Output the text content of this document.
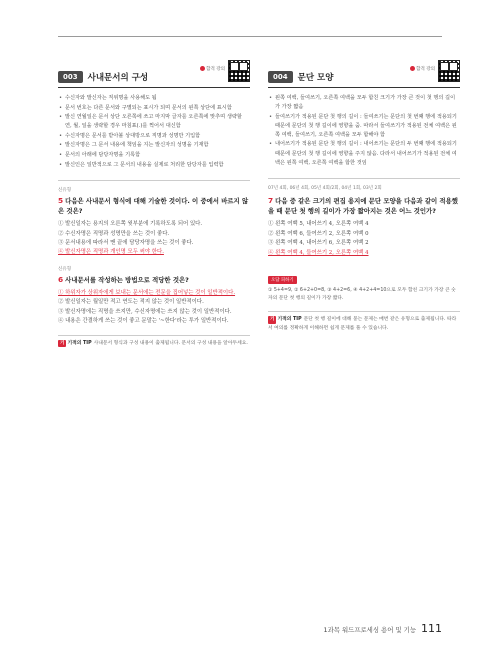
003	사내문서의 구성
합격 강의
• 수신자와 발신자는 직위명을 사용해도 됨
• 문서 번호는 다른 문서와 구별되는 표시가 되며 문서의 왼쪽 상단에 표시함
• 발신 연월일은 문서 상단 오른쪽에 쓰고 마지막 글자를 오른쪽에 맞추며 생략할 연, 월, 일을 생략할 경우 마침표(.)를 찍어서 대신함
• 수신자명은 문서를 받아볼 상대방으로 직명과 성명만 기입함
• 발신자명은 그 문서 내용에 책임을 지는 발신자의 성명을 기재함
• 문서의 아래에 담당자명을 기록함
• 발신인은 일반적으로 그 문서의 내용을 실제로 처리한 담당자를 입력함
신유형
5 다음은 사내문서 형식에 대해 기술한 것이다. 이 중에서 바르지 않은 것은?
① 발신일자는 용지의 오른쪽 윗부분에 기록하도록 되어 있다.
② 수신자명은 직명과 성명만을 쓰는 것이 좋다.
③ 문서내용에 따라서 맨 끝에 담당자명을 쓰는 것이 좋다.
④ 발신자명은 직명과 개인명 모두 써야 한다.
신유형
6 사내문서를 작성하는 방법으로 적당한 것은?
① 하위자가 상위자에게 보내는 문서에는 전문을 집어넣는 것이 일반적이다.
② 발신일자는 월일만 적고 연도는 적지 않는 것이 일반적이다.
③ 발신자명에는 직명을 쓰지만, 수신자명에는 쓰지 않는 것이 일반적이다.
④ 내용은 간결하게 쓰는 것이 좋고 문말는 '~한다'라는 투가 일반적이다.
기 기적의 TIP 사내문서 형식과 구성 내용이 출제됩니다. 문서의 구성 내용을 알아두세요.
004	문단 모양
합격 강의
• 왼쪽 여백, 들여쓰기, 오른쪽 여백을 모두 합친 크기가 가장 큰 것이 첫 행의 길이가 가장 짧음
• 들여쓰기가 적용된 문단 첫 행의 길이 : 들여쓰기는 문단의 첫 번째 행에 적용되기 때문에 문단의 첫 행 길이에 영향을 줌. 따라서 들여쓰기가 적용된 전체 여백은 왼쪽 여백, 들여쓰기, 오른쪽 여백을 모두 합해야 함
• 내어쓰기가 적용된 문단 첫 행의 길이 : 내어쓰기는 문단의 두 번째 행에 적용되기 때문에 문단의 첫 행 길이에 영향을 주지 않음. 다라서 내어쓰기가 적용된 전체 여백은 왼쪽 여백, 오른쪽 여백을 합한 것임
07년 4회, 06년 4회, 05년 4회/2회, 04년 1회, 03년 2회
7 다음 중 같은 크기의 편집 용지에 문단 모양을 다음과 같이 적용했을 때 문단 첫 행의 길이가 가장 짧아지는 것은 어느 것인가?
① 왼쪽 여백 5, 내어쓰기 4, 오른쪽 여백 4
② 왼쪽 여백 6, 들여쓰기 2, 오른쪽 여백 0
③ 왼쪽 여백 4, 내어쓰기 6, 오른쪽 여백 2
④ 왼쪽 여백 4, 들여쓰기 2, 오른쪽 여백 4
오답 피하기
① 5+4=9, ② 6+2+0=8, ③ 4+2=6, ④ 4+2+4=10으로 모두 합친 크기가 가장 큰 숫자의 문단 첫 행의 길이가 가장 짧다.
기 기적의 TIP 문단 첫 행 길이에 대해 묻는 문제는 매번 같은 유형으로 출제됩니다. 따라서 여의를 정확하게 이해하면 쉽게 문제를 풀 수 있습니다.
1과목 워드프로세싱 용어 및 기능 111
